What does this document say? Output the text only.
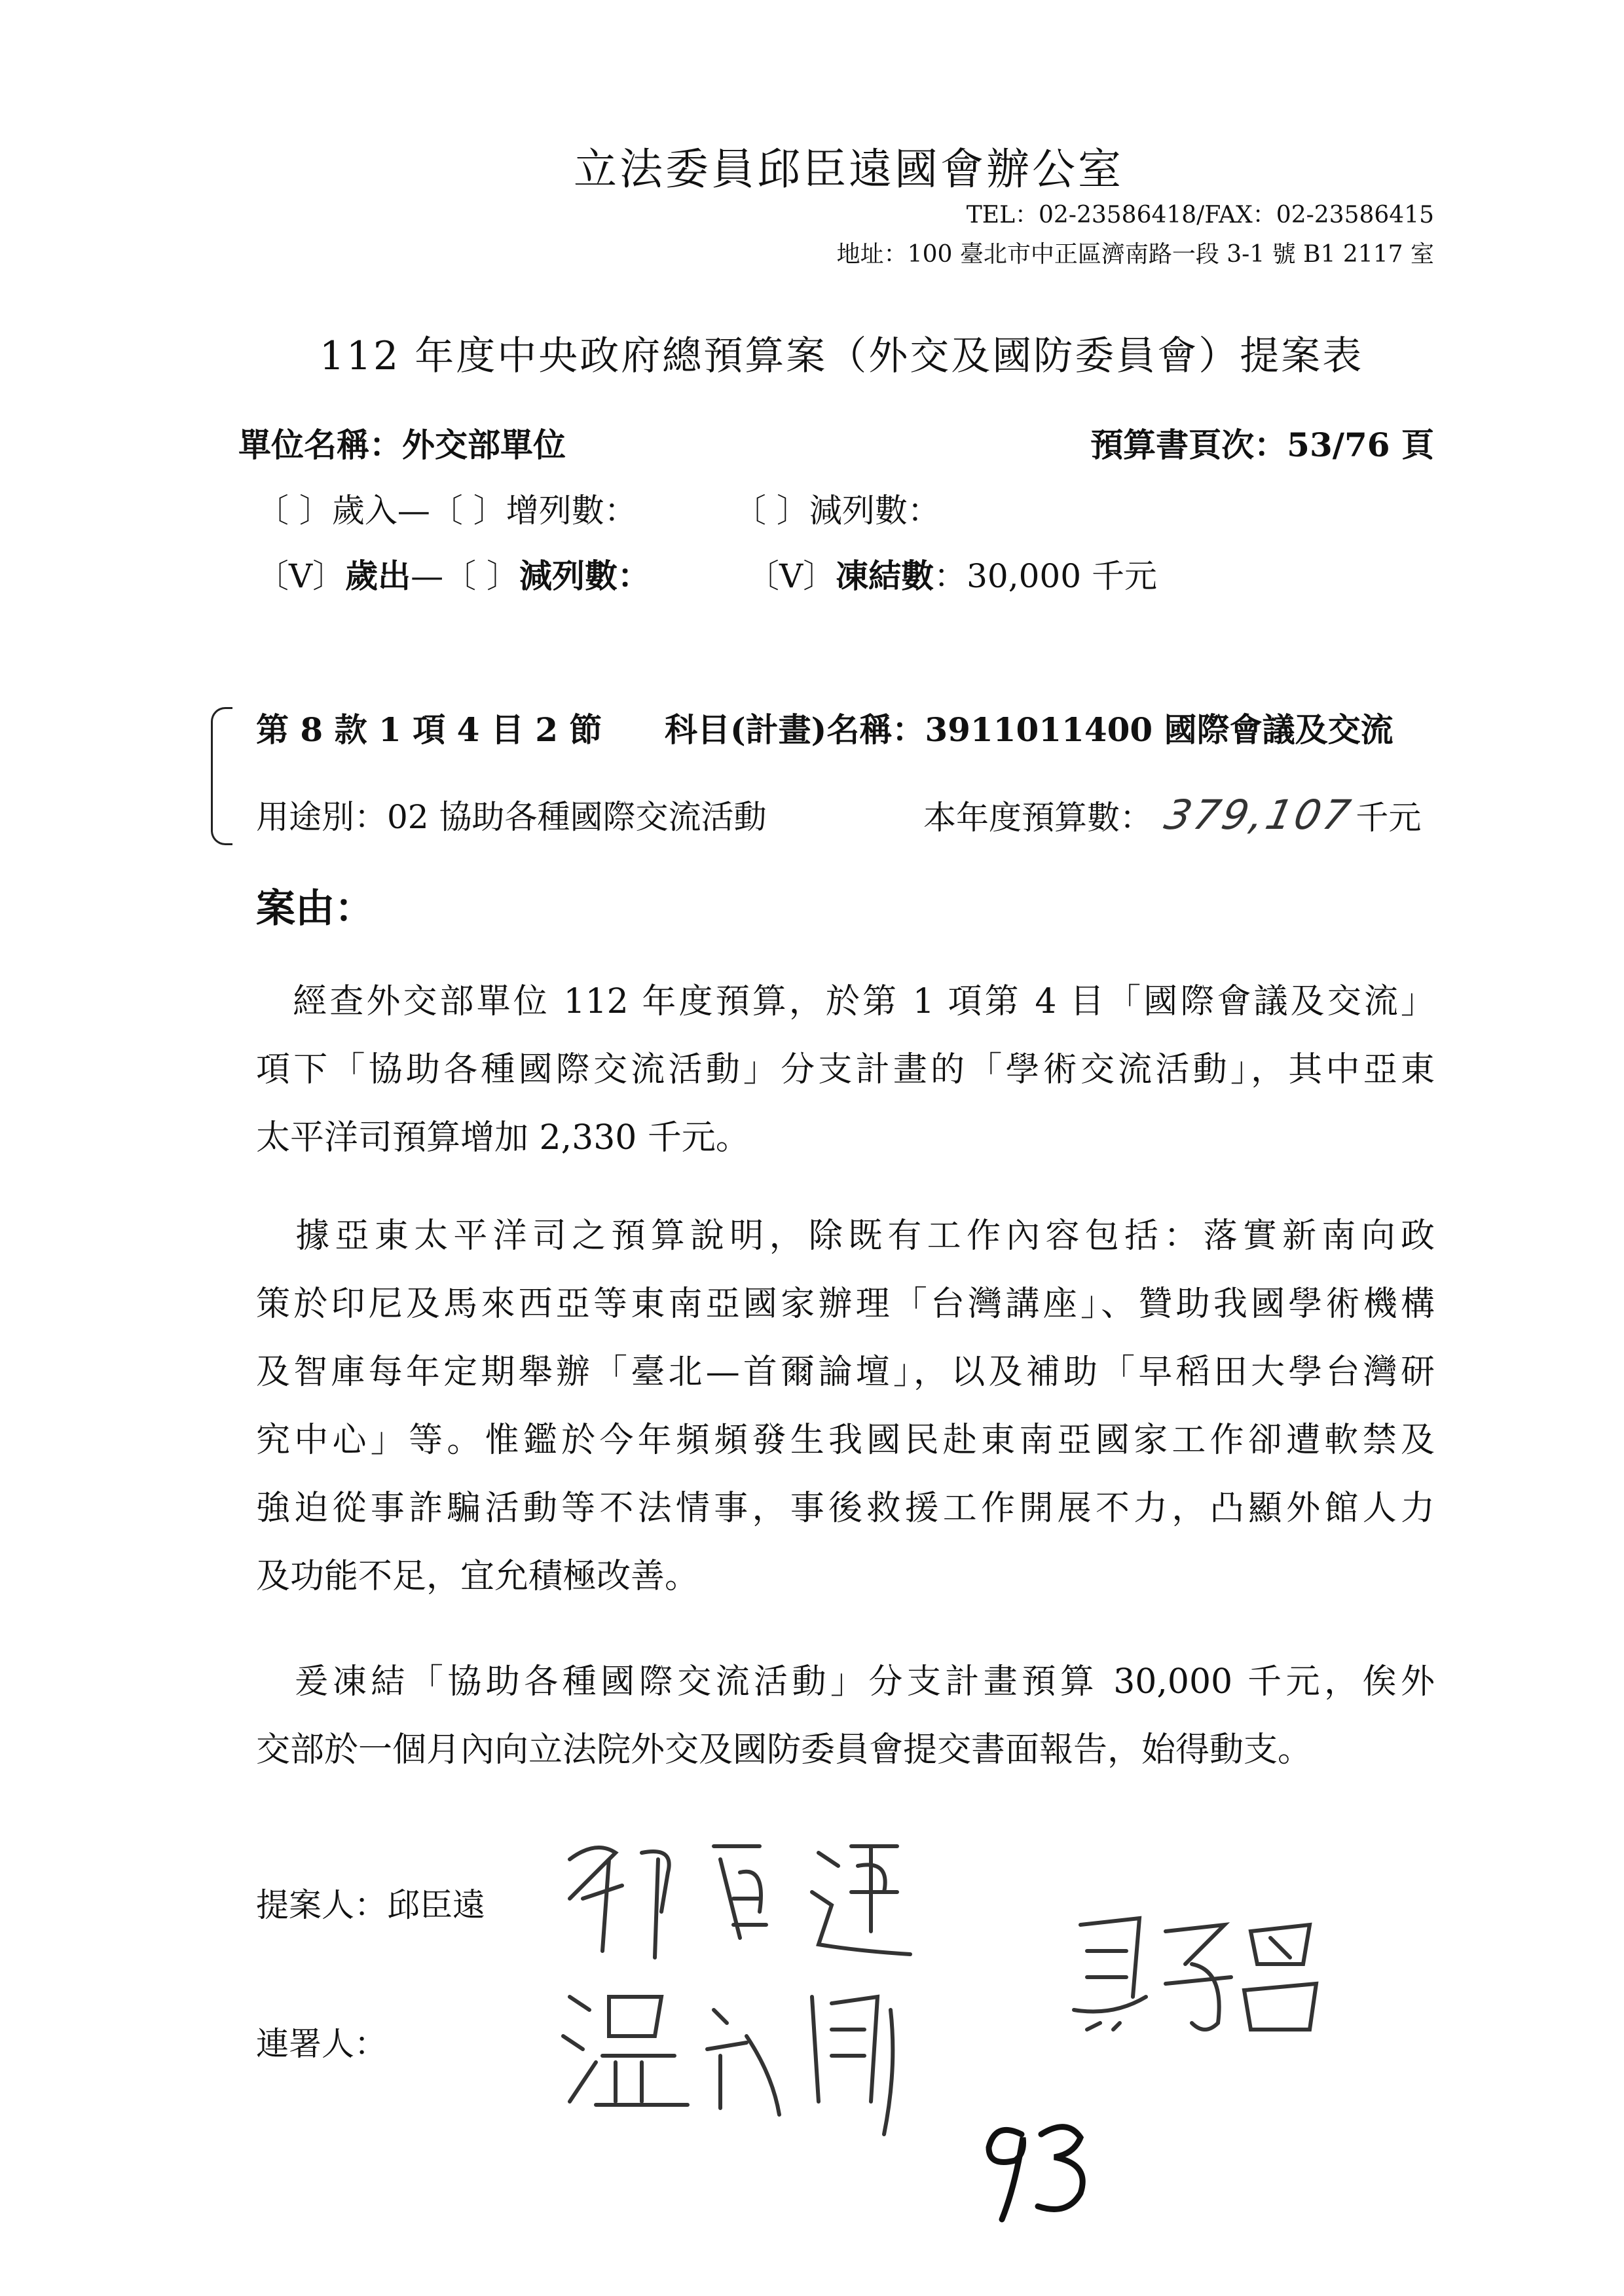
立法委員邱臣遠國會辦公室
TEL：02-23586418/FAX：02-23586415
地址：100 臺北市中正區濟南路一段 3-1 號 B1 2117 室
112 年度中央政府總預算案（外交及國防委員會）提案表
單位名稱：外交部單位	預算書頁次：53/76 頁
〔 〕歲入—〔 〕增列數：	〔 〕減列數：
〔V〕歲出—〔 〕減列數：	〔V〕凍結數：30,000 千元
第 8 款 1 項 4 目 2 節 科目(計畫)名稱：3911011400 國際會議及交流
用途別：02 協助各種國際交流活動	本年度預算數： 379,107千元
案由：
　經查外交部單位 112 年度預算，於第 1 項第 4 目「國際會議及交流」
項下「協助各種國際交流活動」分支計畫的「學術交流活動」，其中亞東
太平洋司預算增加 2,330 千元。
　據亞東太平洋司之預算說明，除既有工作內容包括：落實新南向政
策於印尼及馬來西亞等東南亞國家辦理「台灣講座」、贊助我國學術機構
及智庫每年定期舉辦「臺北—首爾論壇」，以及補助「早稻田大學台灣研
究中心」等。惟鑑於今年頻頻發生我國民赴東南亞國家工作卻遭軟禁及
強迫從事詐騙活動等不法情事，事後救援工作開展不力，凸顯外館人力
及功能不足，宜允積極改善。
　爰凍結「協助各種國際交流活動」分支計畫預算 30,000 千元，俟外
交部於一個月內向立法院外交及國防委員會提交書面報告，始得動支。
提案人：邱臣遠
連署人：
